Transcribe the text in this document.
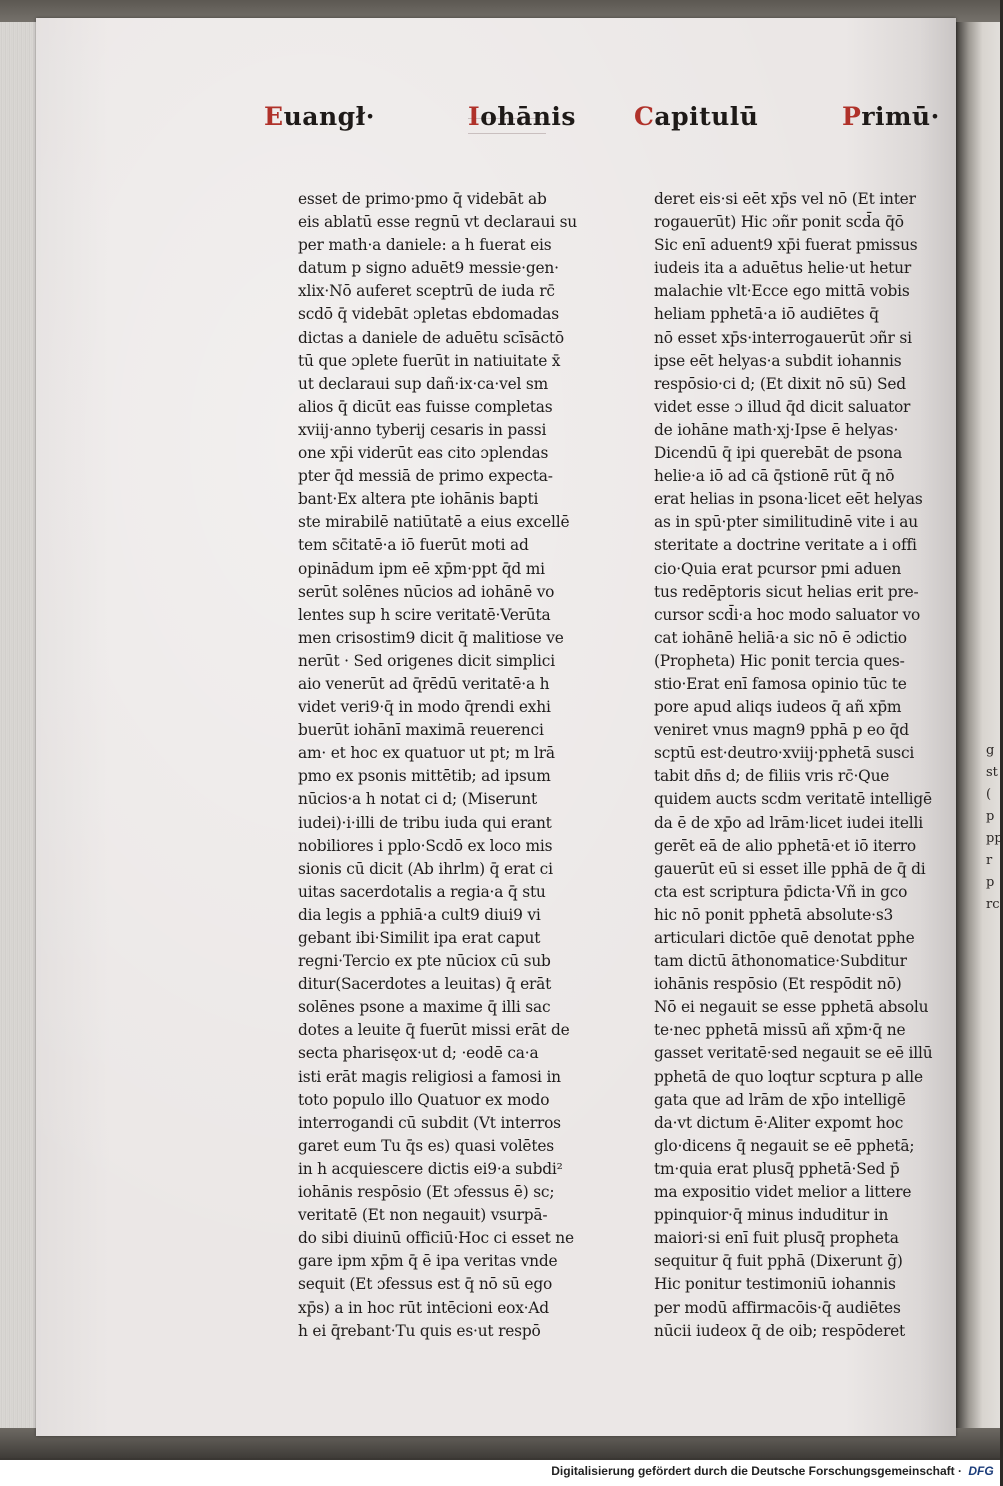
g
st
(
p
pp
r
p
rc
Euangł·	Iohānis Capitulū	Primū·
esset de primo·pmo q̄ videbāt ab
eis ablatū esse regnū vt declaraui su
per math·a daniele: a h fuerat eis
datum p signo aduēt9 messie·gen·
xlix·Nō auferet sceptrū de iuda rc̄
scdō q̄ videbāt ɔpletas ebdomadas
dictas a daniele de aduētu scīsāctō
tū que ɔplete fuerūt in natiuitate x̄
ut declaraui sup dañ·ix·ca·vel sm
alios q̄ dicūt eas fuisse completas
xviij·anno tyberij cesaris in passi
one xp̄i viderūt eas cito ɔplendas
pter q̄d messiā de primo expecta-
bant·Ex altera pte iohānis bapti
ste mirabilē natiūtatē a eius excellē
tem sc̄itatē·a iō fuerūt moti ad
opinādum ipm eē xp̄m·ppt q̄d mi
serūt solēnes nūcios ad iohānē vo
lentes sup h scire veritatē·Verūta
men crisostim9 dicit q̄ malitiose ve
nerūt · Sed origenes dicit simplici
aio venerūt ad q̄rēdū veritatē·a h
videt veri9·q̄ in modo q̄rendi exhi
buerūt iohānī maximā reuerenci
am· et hoc ex quatuor ut pt; m lrā
pmo ex psonis mittētib; ad ipsum
nūcios·a h notat ci d; (Miserunt
iudei)·i·illi de tribu iuda qui erant
nobiliores i pplo·Scdō ex loco mis
sionis cū dicit (Ab ihrlm) q̄ erat ci
uitas sacerdotalis a regia·a q̄ stu
dia legis a pphiā·a cult9 diui9 vi
gebant ibi·Similit ipa erat caput
regni·Tercio ex pte nūciox cū sub
ditur(Sacerdotes a leuitas) q̄ erāt
solēnes psone a maxime q̄ illi sac
dotes a leuite q̄ fuerūt missi erāt de
secta pharisęox·ut d; ·eodē ca·a
isti erāt magis religiosi a famosi in
toto populo illo Quatuor ex modo
interrogandi cū subdit (Vt interros
garet eum Tu q̄s es) quasi volētes
in h acquiescere dictis ei9·a subdi²
iohānis respōsio (Et ɔfessus ē) sc;
veritatē (Et non negauit) vsurpā-
do sibi diuinū officiū·Hoc ci esset ne
gare ipm xp̄m q̄ ē ipa veritas vnde
sequit (Et ɔfessus est q̄ nō sū ego
xp̄s) a in hoc rūt intēcioni eox·Ad
h ei q̄rebant·Tu quis es·ut respō
deret eis·si eēt xp̄s vel nō (Et inter
rogauerūt) Hic ɔñr ponit scd̄a q̄ō
Sic enī aduent9 xp̄i fuerat pmissus
iudeis ita a aduētus helie·ut hetur
malachie vlt·Ecce ego mittā vobis
heliam pphetā·a iō audiētes q̄
nō esset xp̄s·interrogauerūt ɔñr si
ipse eēt helyas·a subdit iohannis
respōsio·ci d; (Et dixit nō sū) Sed
videt esse ɔ illud q̄d dicit saluator
de iohāne math·xj·Ipse ē helyas·
Dicendū q̄ ipi querebāt de psona
helie·a iō ad cā q̄stionē rūt q̄ nō
erat helias in psona·licet eēt helyas
as in spū·pter similitudinē vite i au
steritate a doctrine veritate a i offi
cio·Quia erat pcursor pmi aduen
tus redēptoris sicut helias erit pre-
cursor scd̄i·a hoc modo saluator vo
cat iohānē heliā·a sic nō ē ɔdictio
(Propheta) Hic ponit tercia ques-
stio·Erat enī famosa opinio tūc te
pore apud aliqs iudeos q̄ añ xp̄m
veniret vnus magn9 pphā p eo q̄d
scptū est·deutro·xviij·pphetā susci
tabit dn̄s d; de filiis vris rc̄·Que
quidem aucts scdm veritatē intelligē
da ē de xp̄o ad lrām·licet iudei itelli
gerēt eā de alio pphetā·et iō iterro
gauerūt eū si esset ille pphā de q̄ di
cta est scriptura p̄dicta·Vñ in gco
hic nō ponit pphetā absolute·s3
articulari dictōe quē denotat pphe
tam dictū āthonomatice·Subditur
iohānis respōsio (Et respōdit nō)
Nō ei negauit se esse pphetā absolu
te·nec pphetā missū añ xp̄m·q̄ ne
gasset veritatē·sed negauit se eē illū
pphetā de quo loqtur scptura p alle
gata que ad lrām de xp̄o intelligē
da·vt dictum ē·Aliter expomt hoc
glo·dicens q̄ negauit se eē pphetā;
tm·quia erat plusq̄ pphetā·Sed p̄
ma expositio videt melior a littere
ppinquior·q̄ minus induditur in
maiori·si enī fuit plusq̄ propheta
sequitur q̄ fuit pphā (Dixerunt ḡ)
Hic ponitur testimoniū iohannis
per modū affirmacōis·q̄ audiētes
nūcii iudeox q̄ de oib; respōderet
Digitalisierung gefördert durch die Deutsche Forschungsgemeinschaft · DFG
